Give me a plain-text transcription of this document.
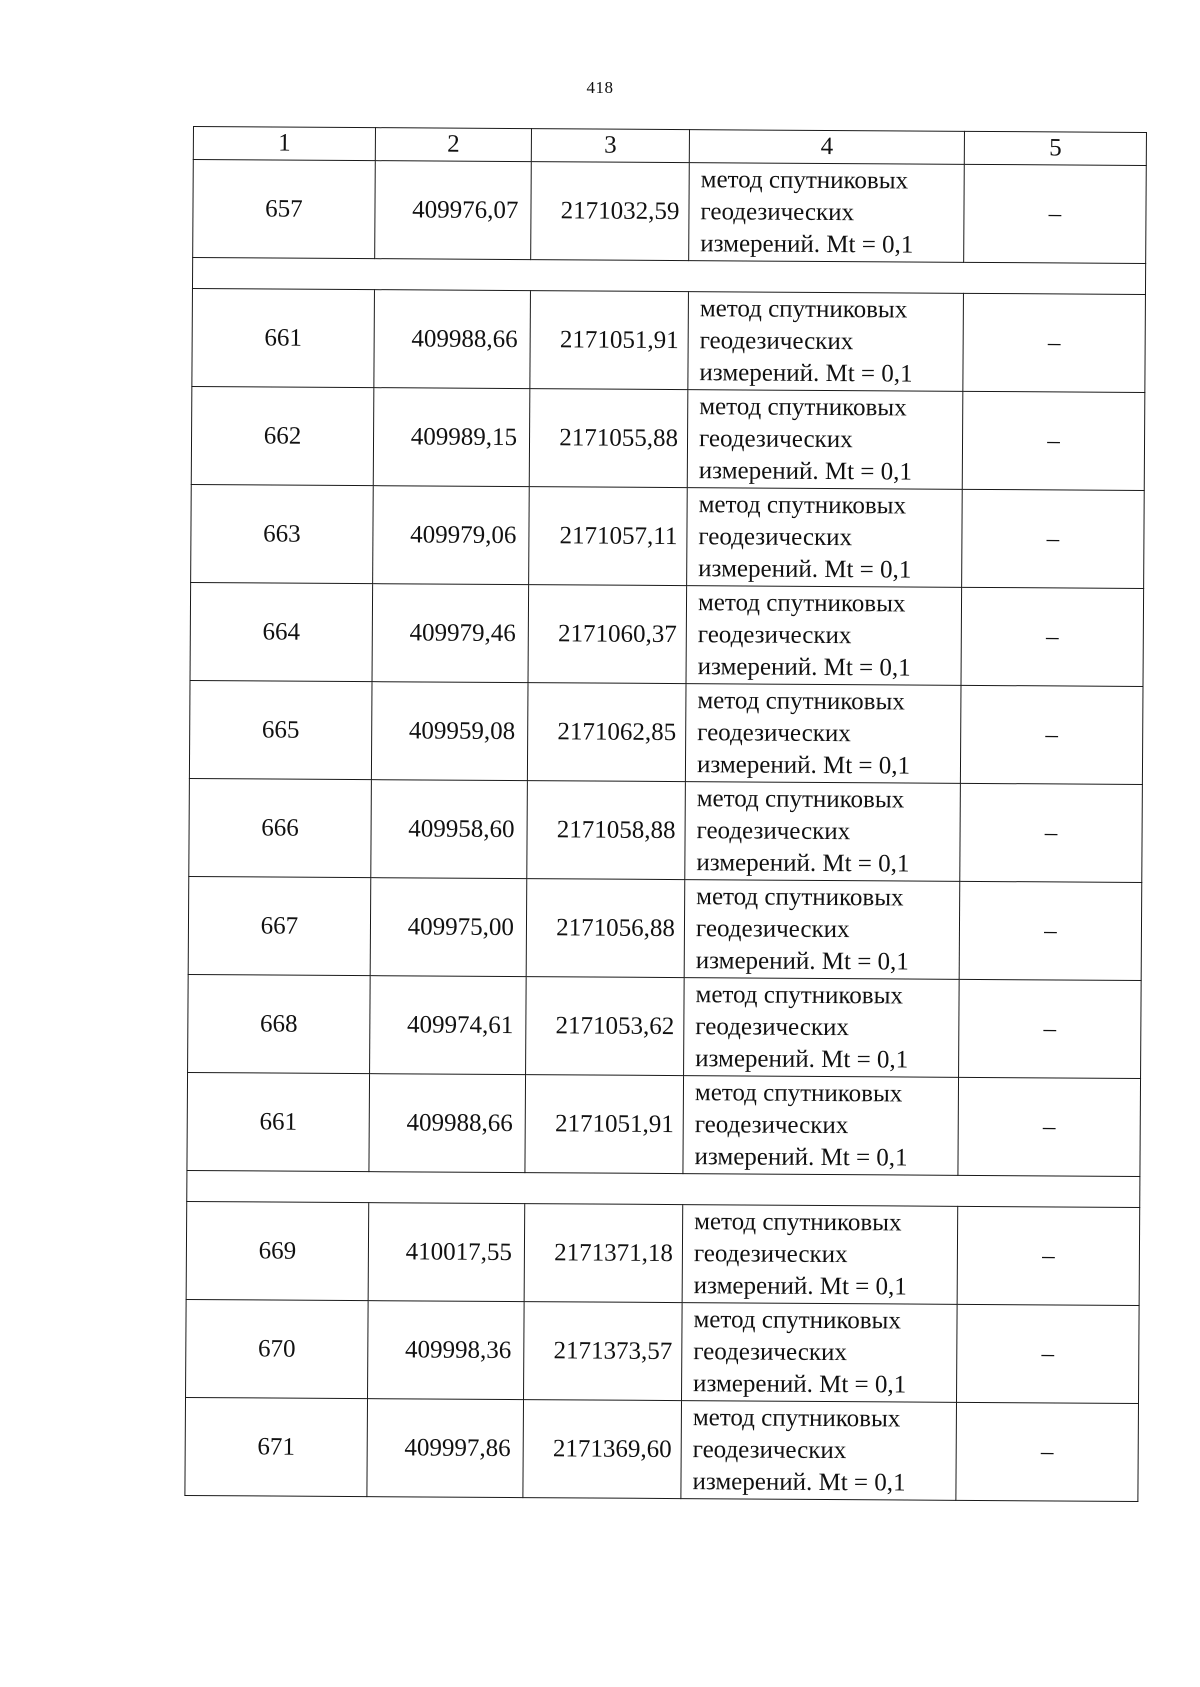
418
1	2	3	4	5
657	409976,07	2171032,59	метод спутниковых
геодезических
измерений. Mt = 0,1	–

661	409988,66	2171051,91	метод спутниковых
геодезических
измерений. Mt = 0,1	–
662	409989,15	2171055,88	метод спутниковых
геодезических
измерений. Mt = 0,1	–
663	409979,06	2171057,11	метод спутниковых
геодезических
измерений. Mt = 0,1	–
664	409979,46	2171060,37	метод спутниковых
геодезических
измерений. Mt = 0,1	–
665	409959,08	2171062,85	метод спутниковых
геодезических
измерений. Mt = 0,1	–
666	409958,60	2171058,88	метод спутниковых
геодезических
измерений. Mt = 0,1	–
667	409975,00	2171056,88	метод спутниковых
геодезических
измерений. Mt = 0,1	–
668	409974,61	2171053,62	метод спутниковых
геодезических
измерений. Mt = 0,1	–
661	409988,66	2171051,91	метод спутниковых
геодезических
измерений. Mt = 0,1	–

669	410017,55	2171371,18	метод спутниковых
геодезических
измерений. Mt = 0,1	–
670	409998,36	2171373,57	метод спутниковых
геодезических
измерений. Mt = 0,1	–
671	409997,86	2171369,60	метод спутниковых
геодезических
измерений. Mt = 0,1	–
